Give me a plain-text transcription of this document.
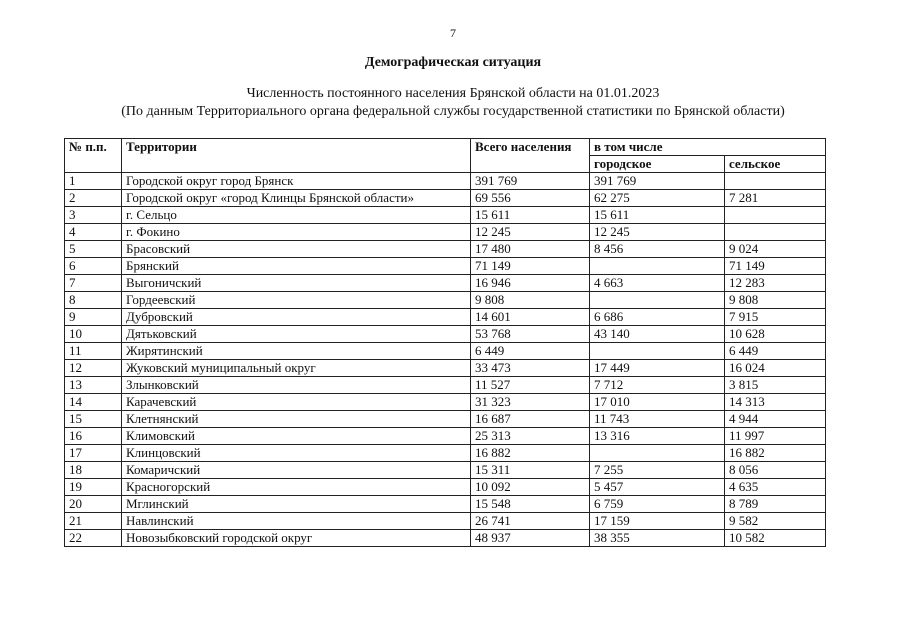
7
Демографическая ситуация
Численность постоянного населения Брянской области на 01.01.2023
(По данным Территориального органа федеральной службы государственной статистики по Брянской области)
№ п.п.	Территории	Всего населения	в том числе	
			городское	сельское
1	Городской округ город Брянск	391 769	391 769	
2	Городской округ «город Клинцы Брянской области»	69 556	62 275	7 281
3	г. Сельцо	15 611	15 611	
4	г. Фокино	12 245	12 245	
5	Брасовский	17 480	8 456	9 024
6	Брянский	71 149		71 149
7	Выгоничский	16 946	4 663	12 283
8	Гордеевский	9 808		9 808
9	Дубровский	14 601	6 686	7 915
10	Дятьковский	53 768	43 140	10 628
11	Жирятинский	6 449		6 449
12	Жуковский муниципальный округ	33 473	17 449	16 024
13	Злынковский	11 527	7 712	3 815
14	Карачевский	31 323	17 010	14 313
15	Клетнянский	16 687	11 743	4 944
16	Климовский	25 313	13 316	11 997
17	Клинцовский	16 882		16 882
18	Комаричский	15 311	7 255	8 056
19	Красногорский	10 092	5 457	4 635
20	Мглинский	15 548	6 759	8 789
21	Навлинский	26 741	17 159	9 582
22	Новозыбковский городской округ	48 937	38 355	10 582
